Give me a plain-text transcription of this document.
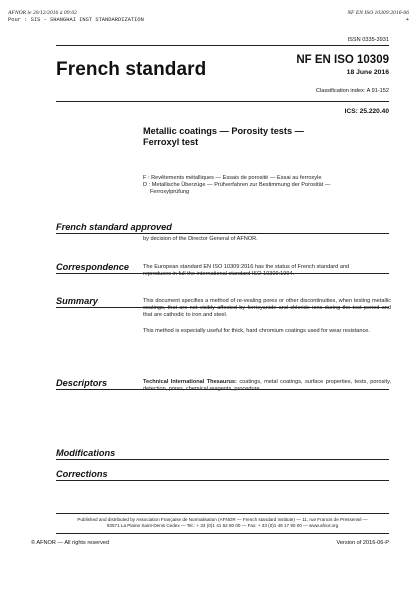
AFNOR le 20/12/2016 à 09:02
Pour : SIS - SHANGHAI INST STANDARDIZATION
NF EN ISO 10309:2016-06
+
ISSN 0335-3931
French standard	NF EN ISO 10309
18 June 2016
Classification index: A 91-152
ICS: 25.220.40
Metallic coatings — Porosity tests —
Ferroxyl test
F : Revêtements métalliques — Essais de porosité — Essai au ferroxyle
D : Metallische Überzüge — Prüfverfahren zur Bestimmung der Porosität —
Ferroxylprüfung
French standard approved
by decision of the Director General of AFNOR.
Correspondence The European standard EN ISO 10309:2016 has the status of French standard and
reproduces in full the international standard ISO 10309:1994.
Summary	This document specifies a method of re-vealing pores or other discontinuities, when testing metallic coatings, that are not visibly affected by ferricyanide and chloride ions during the test period and that are cathodic to iron and steel.
This method is especially useful for thick, hard chromium coatings used for wear resistance.
Descriptors	Technical International Thesaurus: coatings, metal coatings, surface properties, tests, porosity, detection, pores, chemical reagents, procedure.
Modifications
Corrections
Published and distributed by Association Française de Normalisation (AFNOR — French standard institute) — 11, rue Francis de Pressensé —
93571 La Plaine Saint-Denis Cedex — Tel.: + 33 (0)1 41 62 80 00 — Fax: + 33 (0)1 49 17 90 00 — www.afnor.org
© AFNOR — All rights reserved	Version of 2016-06-P
